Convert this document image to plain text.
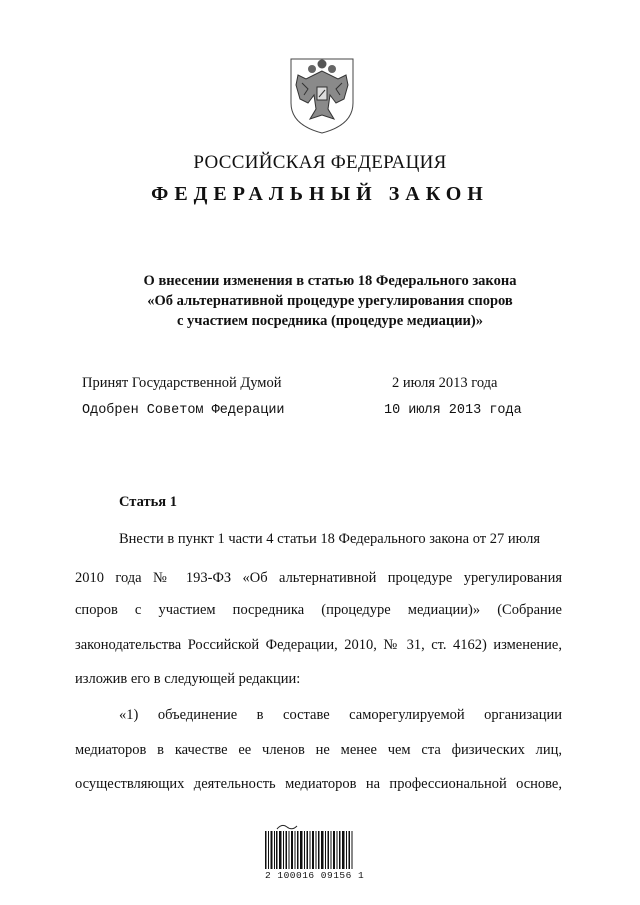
РОССИЙСКАЯ ФЕДЕРАЦИЯ
ФЕДЕРАЛЬНЫЙ ЗАКОН
О внесении изменения в статью 18 Федерального закона
«Об альтернативной процедуре урегулирования споров
с участием посредника (процедуре медиации)»
Принят Государственной Думой	2 июля 2013 года
Одобрен Советом Федерации	10 июля 2013 года
Статья 1
Внести в пункт 1 части 4 статьи 18 Федерального закона от 27 июля
2010 года № 193-ФЗ «Об альтернативной процедуре урегулирования
споров с участием посредника (процедуре медиации)» (Собрание
законодательства Российской Федерации, 2010, № 31, ст. 4162) изменение,
изложив его в следующей редакции:
«1) объединение в составе саморегулируемой организации
медиаторов в качестве ее членов не менее чем ста физических лиц,
осуществляющих деятельность медиаторов на профессиональной основе,
2 100016 09156 1
